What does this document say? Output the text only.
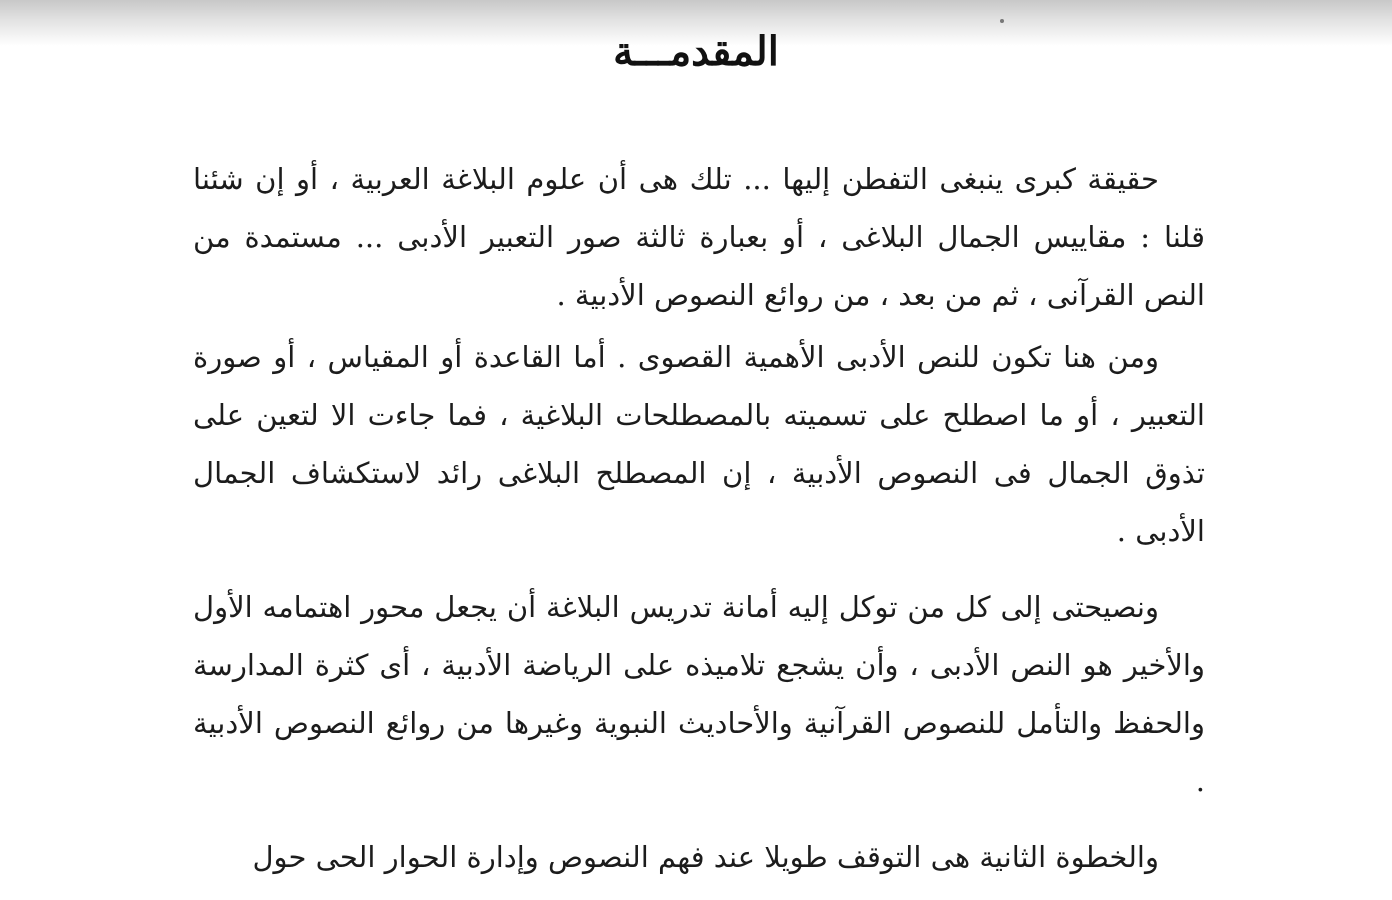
المقدمـــة

حقيقة كبرى ينبغى التفطن إليها ... تلك هى أن علوم البلاغة العربية ، أو إن شئنا قلنا : مقاييس الجمال البلاغى ، أو بعبارة ثالثة صور التعبير الأدبى ... مستمدة من النص القرآنى ، ثم من بعد ، من روائع النصوص الأدبية .

ومن هنا تكون للنص الأدبى الأهمية القصوى . أما القاعدة أو المقياس ، أو صورة التعبير ، أو ما اصطلح على تسميته بالمصطلحات البلاغية ، فما جاءت الا لتعين على تذوق الجمال فى النصوص الأدبية ، إن المصطلح البلاغى رائد لاستكشاف الجمال الأدبى .

ونصيحتى إلى كل من توكل إليه أمانة تدريس البلاغة أن يجعل محور اهتمامه الأول والأخير هو النص الأدبى ، وأن يشجع تلاميذه على الرياضة الأدبية ، أى كثرة المدارسة والحفظ والتأمل للنصوص القرآنية والأحاديث النبوية وغيرها من روائع النصوص الأدبية .

والخطوة الثانية هى التوقف طويلا عند فهم النصوص وإدارة الحوار الحى حول
